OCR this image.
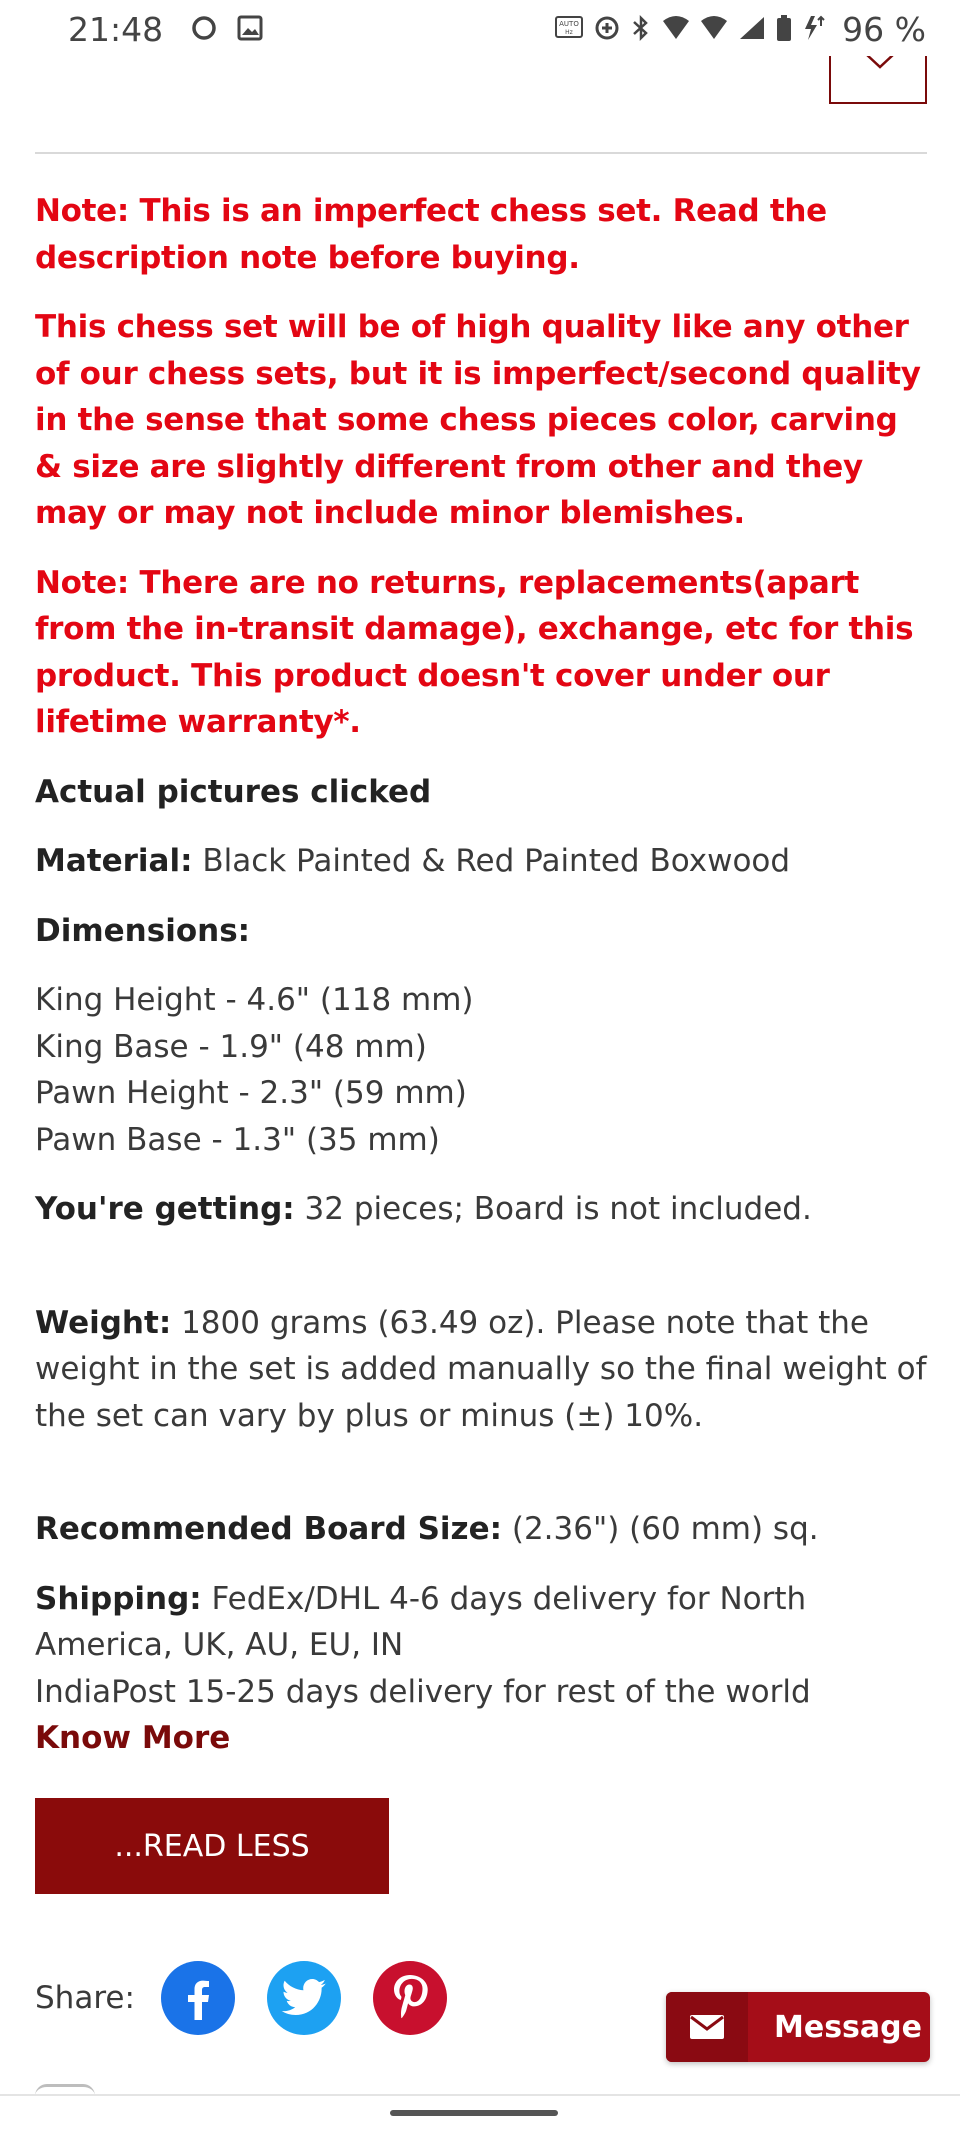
21:48	AUTO
Hz	96 %

Note: This is an imperfect chess set. Read the description note before buying.

This chess set will be of high quality like any other of our chess sets, but it is imperfect/second quality in the sense that some chess pieces color, carving & size are slightly different from other and they may or may not include minor blemishes.

Note: There are no returns, replacements(apart from the in-transit damage), exchange, etc for this product. This product doesn't cover under our lifetime warranty*.

Actual pictures clicked

Material: Black Painted & Red Painted Boxwood

Dimensions:

King Height - 4.6" (118 mm)
King Base - 1.9" (48 mm)
Pawn Height - 2.3" (59 mm)
Pawn Base - 1.3" (35 mm)

You're getting: 32 pieces; Board is not included.

Weight: 1800 grams (63.49 oz). Please note that the weight in the set is added manually so the final weight of the set can vary by plus or minus (±) 10%.

Recommended Board Size: (2.36") (60 mm) sq.

Shipping: FedEx/DHL 4-6 days delivery for North America, UK, AU, EU, IN
IndiaPost 15-25 days delivery for rest of the world
Know More
...READ LESS
Share:
Message
